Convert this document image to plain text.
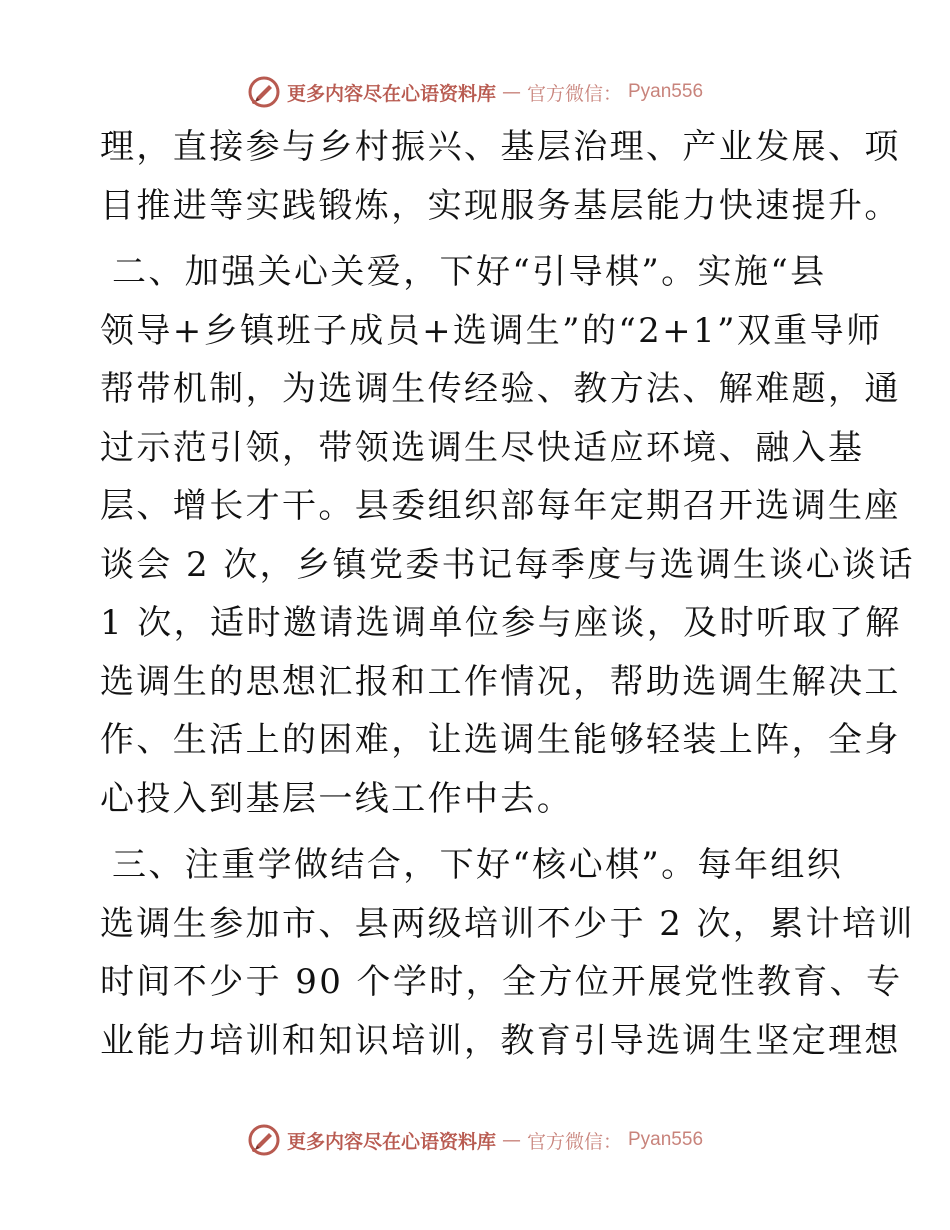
更多内容尽在心语资料库 — 官方微信： Pyan556
理，直接参与乡村振兴、基层治理、产业发展、项
目推进等实践锻炼，实现服务基层能力快速提升。
二、加强关心关爱，下好“引导棋”。实施“县
领导+乡镇班子成员+选调生”的“2+1”双重导师
帮带机制，为选调生传经验、教方法、解难题，通
过示范引领，带领选调生尽快适应环境、融入基
层、增长才干。县委组织部每年定期召开选调生座
谈会 2 次，乡镇党委书记每季度与选调生谈心谈话
1 次，适时邀请选调单位参与座谈，及时听取了解
选调生的思想汇报和工作情况，帮助选调生解决工
作、生活上的困难，让选调生能够轻装上阵，全身
心投入到基层一线工作中去。
三、注重学做结合，下好“核心棋”。每年组织
选调生参加市、县两级培训不少于 2 次，累计培训
时间不少于 90 个学时，全方位开展党性教育、专
业能力培训和知识培训，教育引导选调生坚定理想
更多内容尽在心语资料库 — 官方微信： Pyan556
